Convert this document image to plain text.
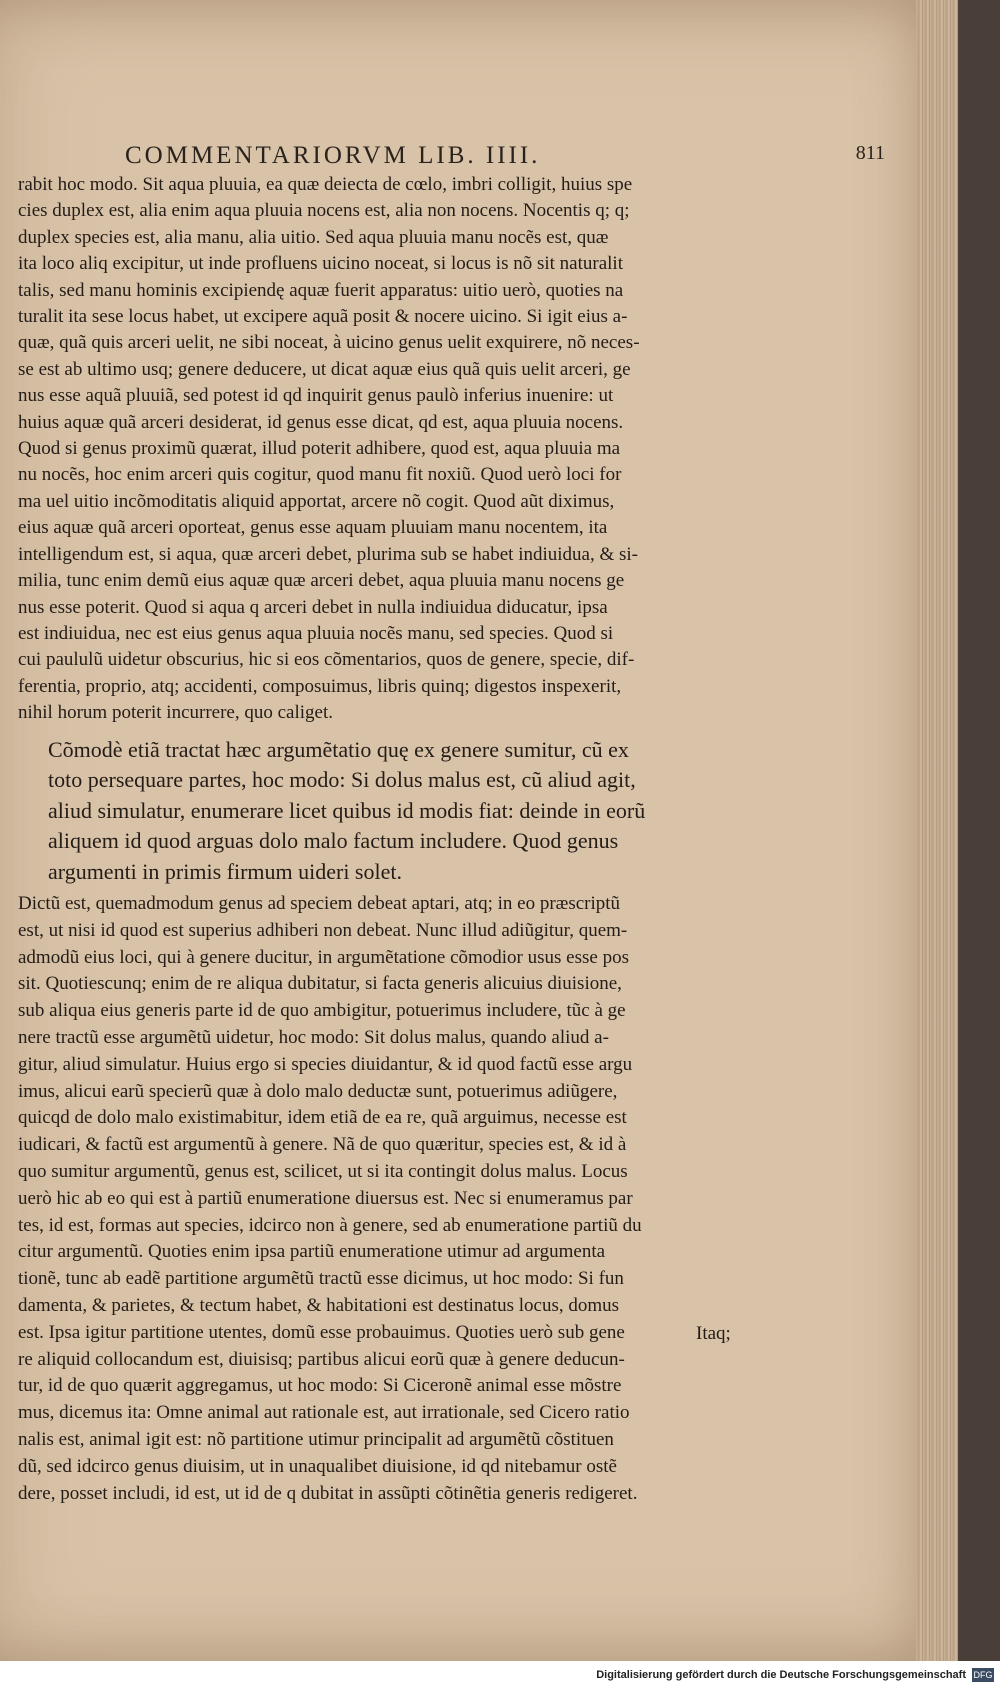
COMMENTARIORVM LIB. IIII.	811
rabit hoc modo. Sit aqua pluuia, ea quæ deiecta de cœlo, imbri colligit, huius spe
cies duplex est, alia enim aqua pluuia nocens est, alia non nocens. Nocentis q; q;
duplex species est, alia manu, alia uitio. Sed aqua pluuia manu nocẽs est, quæ
ita loco aliq excipitur, ut inde profluens uicino noceat, si locus is nõ sit naturalit
talis, sed manu hominis excipiendę aquæ fuerit apparatus: uitio uerò, quoties na
turalit ita sese locus habet, ut excipere aquã posit & nocere uicino. Si igit eius a-
quæ, quã quis arceri uelit, ne sibi noceat, à uicino genus uelit exquirere, nõ neces-
se est ab ultimo usq; genere deducere, ut dicat aquæ eius quã quis uelit arceri, ge
nus esse aquã pluuiã, sed potest id qd inquirit genus paulò inferius inuenire: ut
huius aquæ quã arceri desiderat, id genus esse dicat, qd est, aqua pluuia nocens.
Quod si genus proximũ quærat, illud poterit adhibere, quod est, aqua pluuia ma
nu nocẽs, hoc enim arceri quis cogitur, quod manu fit noxiũ. Quod uerò loci for
ma uel uitio incõmoditatis aliquid apportat, arcere nõ cogit. Quod aũt diximus,
eius aquæ quã arceri oporteat, genus esse aquam pluuiam manu nocentem, ita
intelligendum est, si aqua, quæ arceri debet, plurima sub se habet indiuidua, & si-
milia, tunc enim demũ eius aquæ quæ arceri debet, aqua pluuia manu nocens ge
nus esse poterit. Quod si aqua q arceri debet in nulla indiuidua diducatur, ipsa
est indiuidua, nec est eius genus aqua pluuia nocẽs manu, sed species. Quod si
cui paululũ uidetur obscurius, hic si eos cõmentarios, quos de genere, specie, dif-
ferentia, proprio, atq; accidenti, composuimus, libris quinq; digestos inspexerit,
nihil horum poterit incurrere, quo caliget.
Cõmodè etiã tractat hæc argumẽtatio quę ex genere sumitur, cũ ex
toto persequare partes, hoc modo: Si dolus malus est, cũ aliud agit,
aliud simulatur, enumerare licet quibus id modis fiat: deinde in eorũ
aliquem id quod arguas dolo malo factum includere. Quod genus
argumenti in primis firmum uideri solet.
Dictũ est, quemadmodum genus ad speciem debeat aptari, atq; in eo præscriptũ
est, ut nisi id quod est superius adhiberi non debeat. Nunc illud adiũgitur, quem-
admodũ eius loci, qui à genere ducitur, in argumẽtatione cõmodior usus esse pos
sit. Quotiescunq; enim de re aliqua dubitatur, si facta generis alicuius diuisione,
sub aliqua eius generis parte id de quo ambigitur, potuerimus includere, tũc à ge
nere tractũ esse argumẽtũ uidetur, hoc modo: Sit dolus malus, quando aliud a-
gitur, aliud simulatur. Huius ergo si species diuidantur, & id quod factũ esse argu
imus, alicui earũ specierũ quæ à dolo malo deductæ sunt, potuerimus adiũgere,
quicqd de dolo malo existimabitur, idem etiã de ea re, quã arguimus, necesse est
iudicari, & factũ est argumentũ à genere. Nã de quo quæritur, species est, & id à
quo sumitur argumentũ, genus est, scilicet, ut si ita contingit dolus malus. Locus
uerò hic ab eo qui est à partiũ enumeratione diuersus est. Nec si enumeramus par
tes, id est, formas aut species, idcirco non à genere, sed ab enumeratione partiũ du
citur argumentũ. Quoties enim ipsa partiũ enumeratione utimur ad argumenta
tionẽ, tunc ab eadẽ partitione argumẽtũ tractũ esse dicimus, ut hoc modo: Si fun
damenta, & parietes, & tectum habet, & habitationi est destinatus locus, domus
est. Ipsa igitur partitione utentes, domũ esse probauimus. Quoties uerò sub gene
re aliquid collocandum est, diuisisq; partibus alicui eorũ quæ à genere deducun-
tur, id de quo quærit aggregamus, ut hoc modo: Si Ciceronẽ animal esse mõstre
mus, dicemus ita: Omne animal aut rationale est, aut irrationale, sed Cicero ratio
nalis est, animal igit est: nõ partitione utimur principalit ad argumẽtũ cõstituen
dũ, sed idcirco genus diuisim, ut in unaqualibet diuisione, id qd nitebamur ostẽ
dere, posset includi, id est, ut id de q dubitat in assũpti cõtinẽtia generis redigeret.
Itaq;
Digitalisierung gefördert durch die Deutsche Forschungsgemeinschaft DFG
